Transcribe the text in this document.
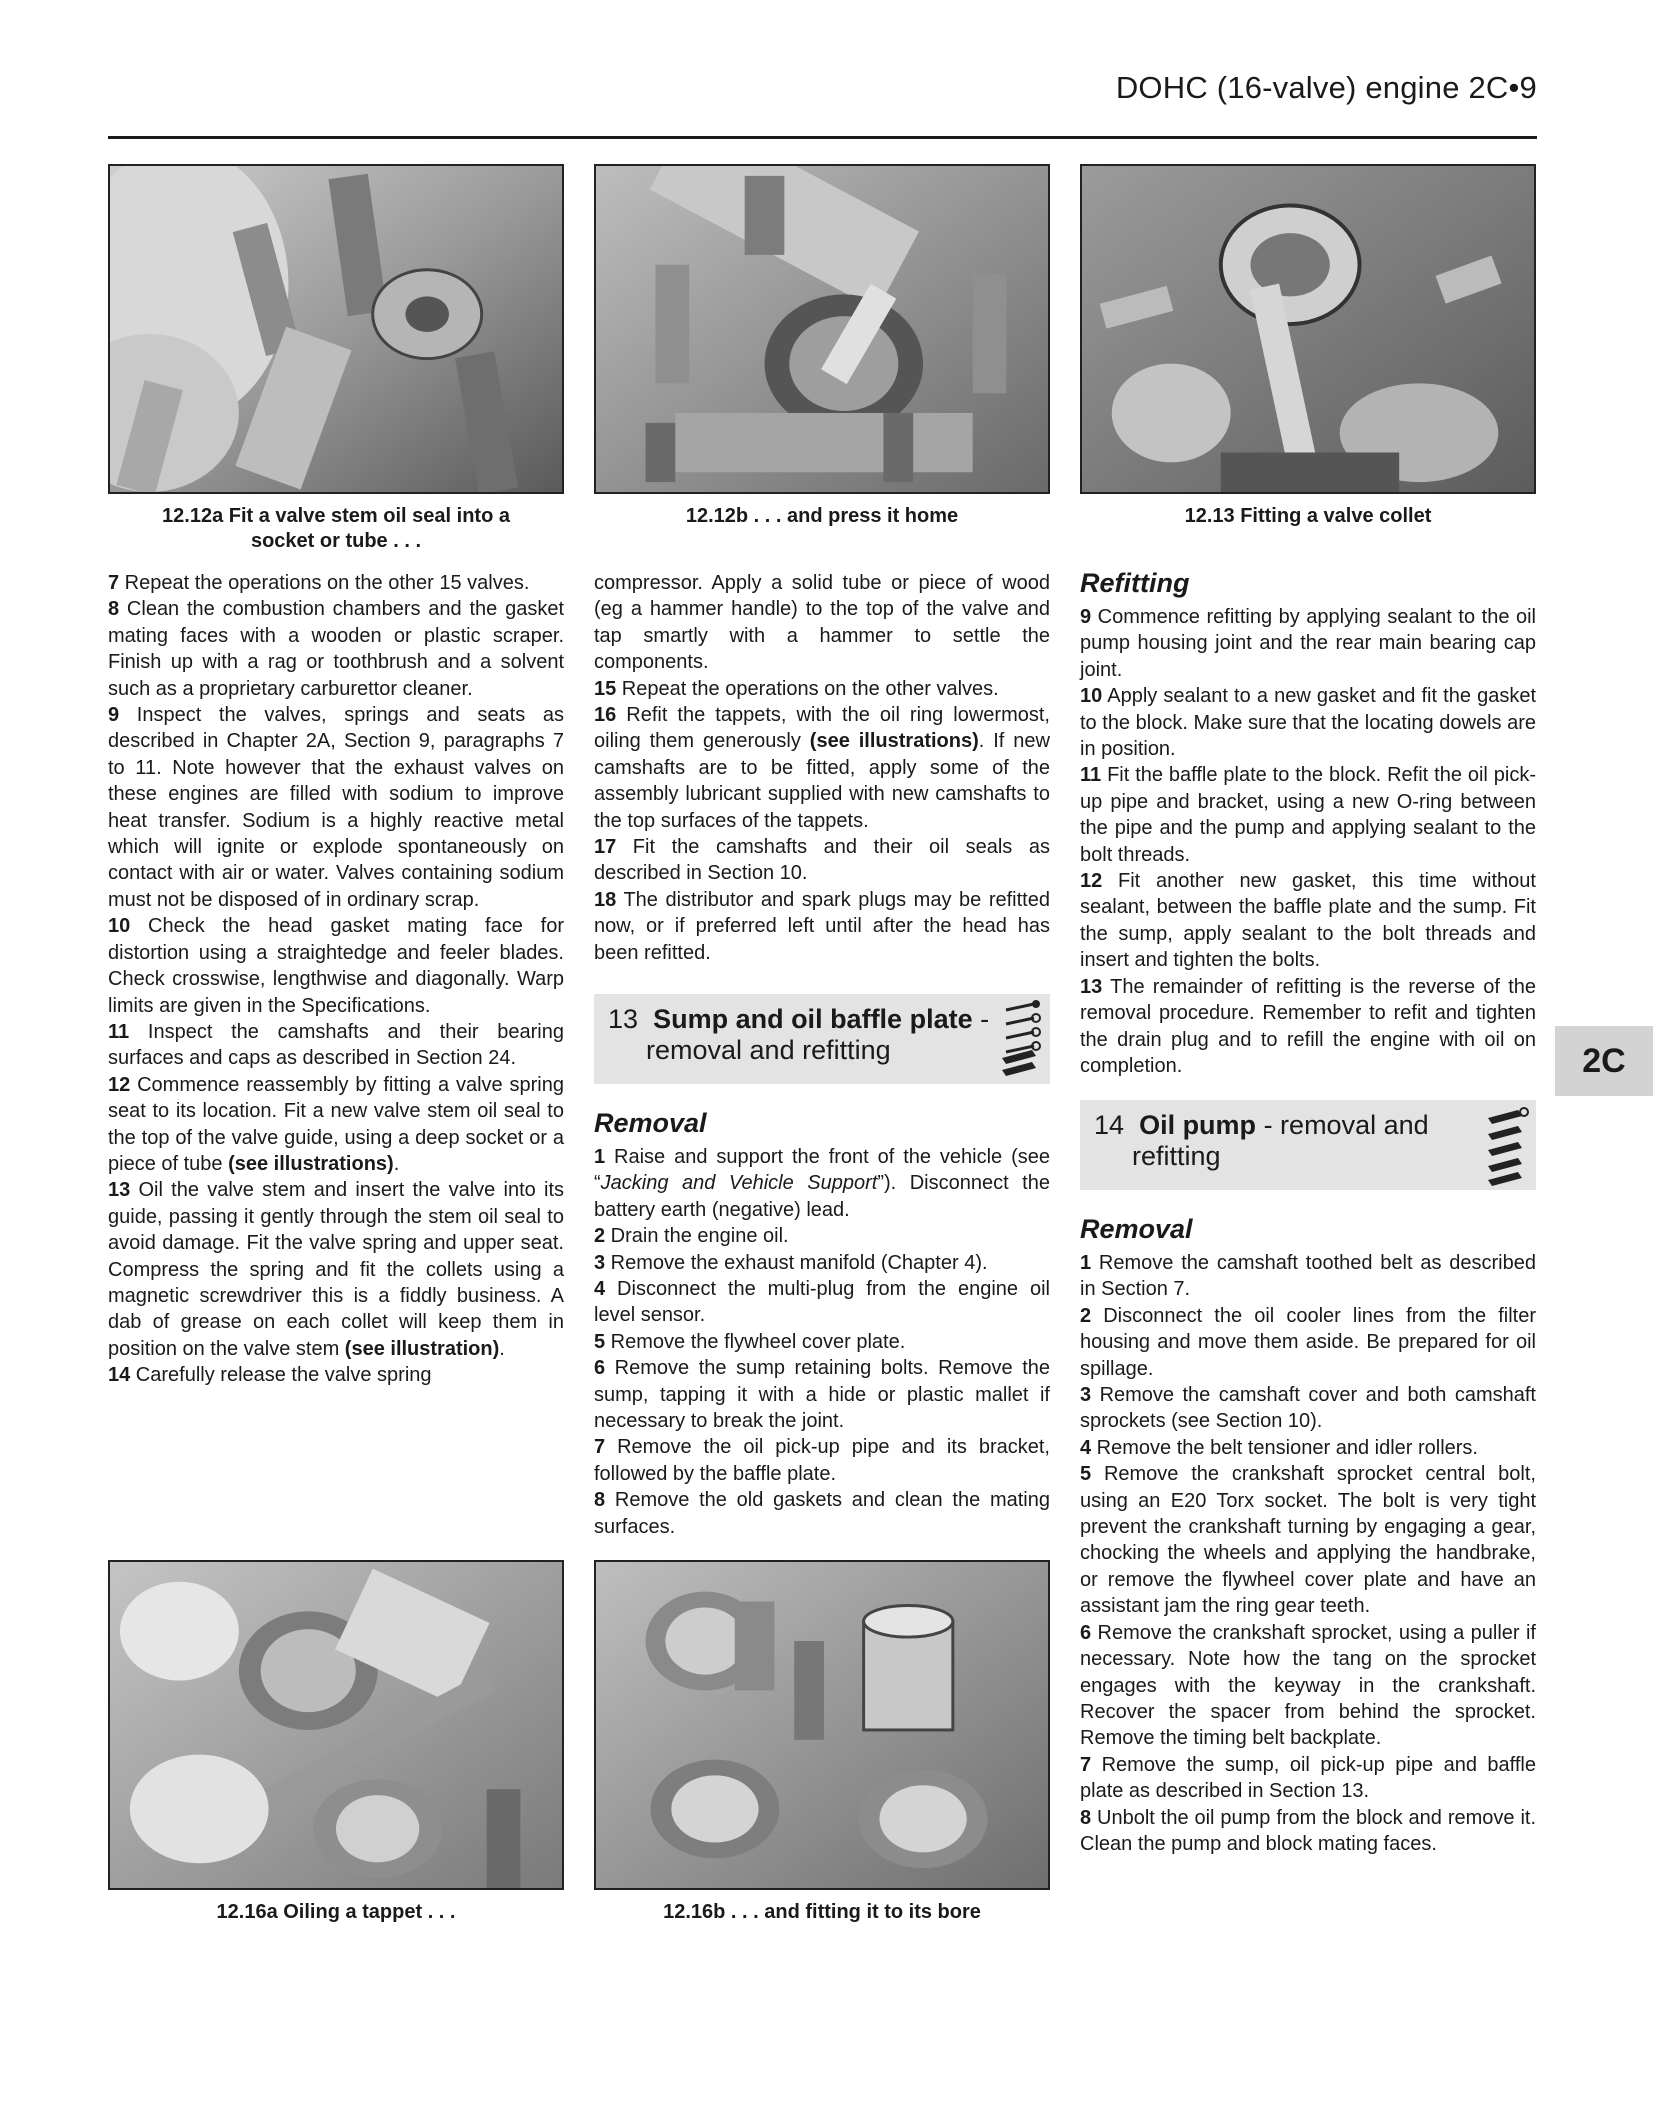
DOHC (16-valve) engine 2C•9
12.12a Fit a valve stem oil seal into a
socket or tube . . .
12.12b . . . and press it home	12.13 Fitting a valve collet

7 Repeat the operations on the other 15 valves.

8 Clean the combustion chambers and the gasket mating faces with a wooden or plastic scraper. Finish up with a rag or toothbrush and a solvent such as a proprietary carburettor cleaner.

9 Inspect the valves, springs and seats as described in Chapter 2A, Section 9, paragraphs 7 to 11. Note however that the exhaust valves on these engines are filled with sodium to improve heat transfer. Sodium is a highly reactive metal which will ignite or explode spontaneously on contact with air or water. Valves containing sodium must not be disposed of in ordinary scrap.

10 Check the head gasket mating face for distortion using a straightedge and feeler blades. Check crosswise, lengthwise and diagonally. Warp limits are given in the Specifications.

11 Inspect the camshafts and their bearing surfaces and caps as described in Section 24.

12 Commence reassembly by fitting a valve spring seat to its location. Fit a new valve stem oil seal to the top of the valve guide, using a deep socket or a piece of tube (see illustrations).

13 Oil the valve stem and insert the valve into its guide, passing it gently through the stem oil seal to avoid damage. Fit the valve spring and upper seat. Compress the spring and fit the collets using a magnetic screwdriver this is a fiddly business. A dab of grease on each collet will keep them in position on the valve stem (see illustration).

14 Carefully release the valve spring

compressor. Apply a solid tube or piece of wood (eg a hammer handle) to the top of the valve and tap smartly with a hammer to settle the components.

15 Repeat the operations on the other valves.

16 Refit the tappets, with the oil ring lowermost, oiling them generously (see illustrations). If new camshafts are to be fitted, apply some of the assembly lubricant supplied with new camshafts to the top surfaces of the tappets.

17 Fit the camshafts and their oil seals as described in Section 10.

18 The distributor and spark plugs may be refitted now, or if preferred left until after the head has been refitted.

13 Sump and oil baffle plate -
removal and refitting
Removal

1 Raise and support the front of the vehicle (see “Jacking and Vehicle Support”). Disconnect the battery earth (negative) lead.

2 Drain the engine oil.

3 Remove the exhaust manifold (Chapter 4).

4 Disconnect the multi-plug from the engine oil level sensor.

5 Remove the flywheel cover plate.

6 Remove the sump retaining bolts. Remove the sump, tapping it with a hide or plastic mallet if necessary to break the joint.

7 Remove the oil pick-up pipe and its bracket, followed by the baffle plate.

8 Remove the old gaskets and clean the mating surfaces.

Refitting

9 Commence refitting by applying sealant to the oil pump housing joint and the rear main bearing cap joint.

10 Apply sealant to a new gasket and fit the gasket to the block. Make sure that the locating dowels are in position.

11 Fit the baffle plate to the block. Refit the oil pick-up pipe and bracket, using a new O-ring between the pipe and the pump and applying sealant to the bolt threads.

12 Fit another new gasket, this time without sealant, between the baffle plate and the sump. Fit the sump, apply sealant to the bolt threads and insert and tighten the bolts.

13 The remainder of refitting is the reverse of the removal procedure. Remember to refit and tighten the drain plug and to refill the engine with oil on completion.

14 Oil pump - removal and
refitting
Removal

1 Remove the camshaft toothed belt as described in Section 7.

2 Disconnect the oil cooler lines from the filter housing and move them aside. Be prepared for oil spillage.

3 Remove the camshaft cover and both camshaft sprockets (see Section 10).

4 Remove the belt tensioner and idler rollers.

5 Remove the crankshaft sprocket central bolt, using an E20 Torx socket. The bolt is very tight prevent the crankshaft turning by engaging a gear, chocking the wheels and applying the handbrake, or remove the flywheel cover plate and have an assistant jam the ring gear teeth.

6 Remove the crankshaft sprocket, using a puller if necessary. Note how the tang on the sprocket engages with the keyway in the crankshaft. Recover the spacer from behind the sprocket. Remove the timing belt backplate.

7 Remove the sump, oil pick-up pipe and baffle plate as described in Section 13.

8 Unbolt the oil pump from the block and remove it. Clean the pump and block mating faces.

12.16a Oiling a tappet . . .	12.16b . . . and fitting it to its bore
2C
